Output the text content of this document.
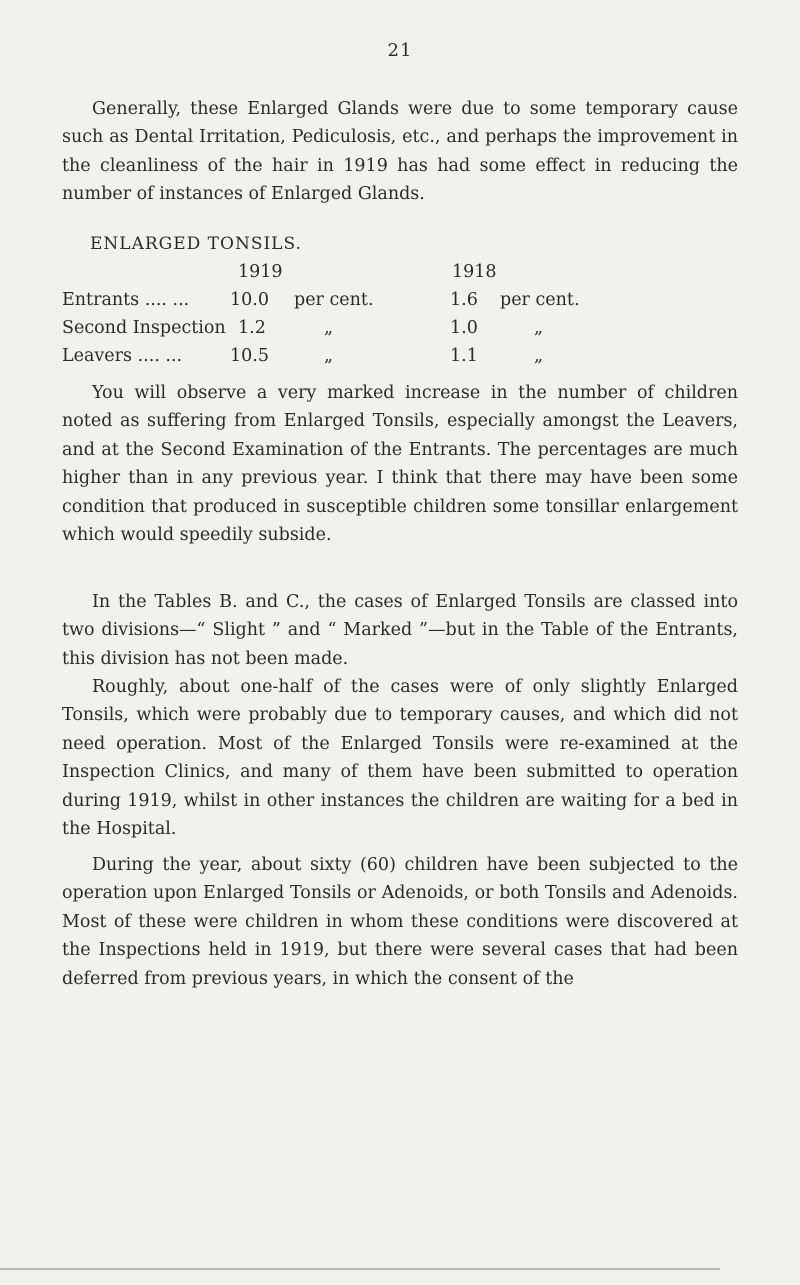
21

Generally, these Enlarged Glands were due to some temporary cause such as Dental Irritation, Pediculosis, etc., and perhaps the improvement in the cleanliness of the hair in 1919 has had some effect in reducing the number of instances of Enlarged Glands.

ENLARGED TONSILS.
1919	1918
Entrants .... ... 10.0 per cent.	1.6 per cent.
Second Inspection 1.2	„	1.0	„
Leavers .... ...	10.5	„	1.1	„

You will observe a very marked increase in the number of children noted as suffering from Enlarged Tonsils, especially amongst the Leavers, and at the Second Examination of the Entrants. The percentages are much higher than in any previous year. I think that there may have been some condition that produced in susceptible children some tonsillar enlargement which would speedily subside.

In the Tables B. and C., the cases of Enlarged Tonsils are classed into two divisions—“ Slight ” and “ Marked ”—but in the Table of the Entrants, this division has not been made.

Roughly, about one-half of the cases were of only slightly Enlarged Tonsils, which were probably due to temporary causes, and which did not need operation. Most of the Enlarged Tonsils were re-examined at the Inspection Clinics, and many of them have been submitted to operation during 1919, whilst in other instances the children are waiting for a bed in the Hospital.

During the year, about sixty (60) children have been subjected to the operation upon Enlarged Tonsils or Adenoids, or both Tonsils and Adenoids. Most of these were children in whom these conditions were discovered at the Inspections held in 1919, but there were several cases that had been deferred from previous years, in which the consent of the
